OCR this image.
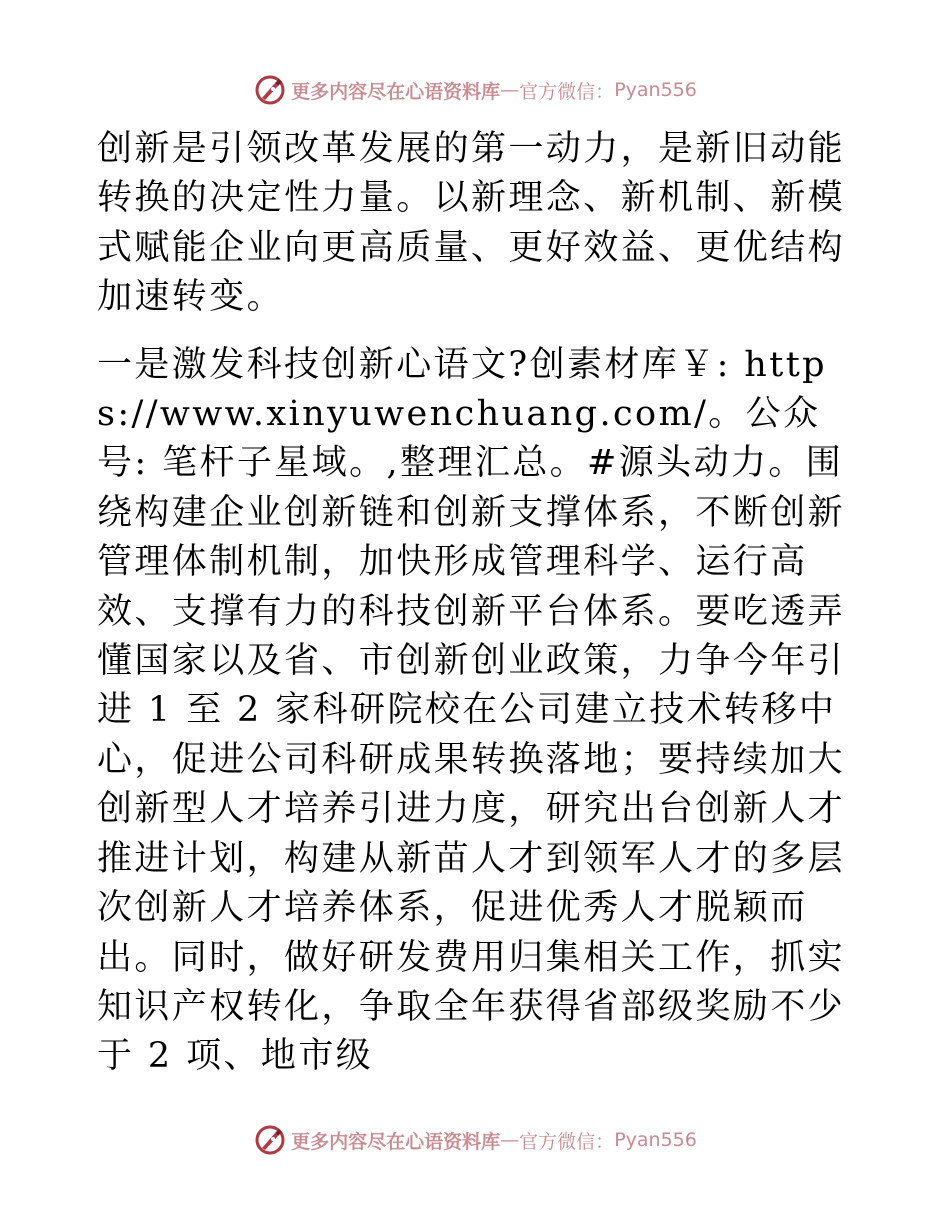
更多内容尽在心语资料库 — 官方微信： Pyan556

创新是引领改革发展的第一动力，是新旧动能转换的决定性力量。以新理念、新机制、新模式赋能企业向更高质量、更好效益、更优结构加速转变。

一是激发科技创新心语文?创素材库￥: https://www.xinyuwenchuang.com/。公众号: 笔杆子星域。,整理汇总。#源头动力。围绕构建企业创新链和创新支撑体系，不断创新管理体制机制，加快形成管理科学、运行高效、支撑有力的科技创新平台体系。要吃透弄懂国家以及省、市创新创业政策，力争今年引进 1 至 2 家科研院校在公司建立技术转移中心，促进公司科研成果转换落地；要持续加大创新型人才培养引进力度，研究出台创新人才推进计划，构建从新苗人才到领军人才的多层次创新人才培养体系，促进优秀人才脱颖而出。同时，做好研发费用归集相关工作，抓实知识产权转化，争取全年获得省部级奖励不少于 2 项、地市级

更多内容尽在心语资料库 — 官方微信： Pyan556
